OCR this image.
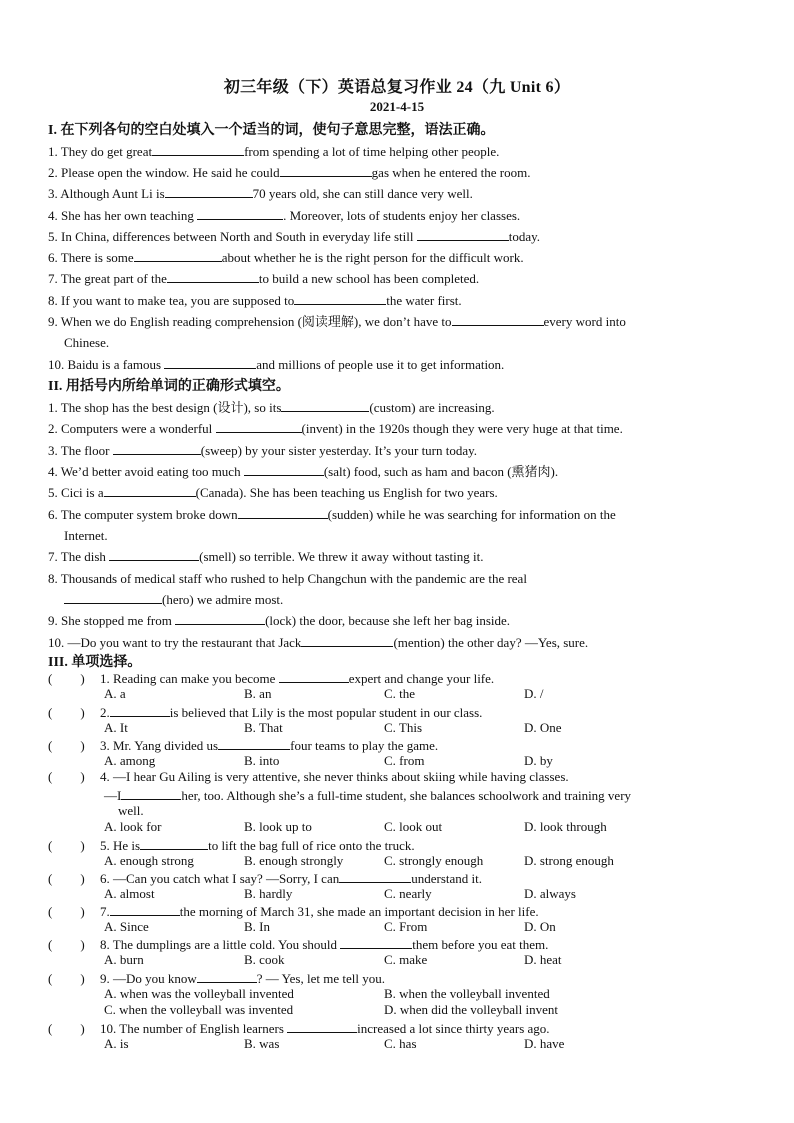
初三年级（下）英语总复习作业 24（九 Unit 6）
2021-4-15
I. 在下列各句的空白处填入一个适当的词，使句子意思完整，语法正确。
1. They do get great	from spending a lot of time helping other people.
2. Please open the window. He said he could	gas when he entered the room.
3. Although Aunt Li is	70 years old, she can still dance very well.
4. She has her own teaching	. Moreover, lots of students enjoy her classes.
5. In China, differences between North and South in everyday life still	today.
6. There is some	about whether he is the right person for the difficult work.
7. The great part of the	to build a new school has been completed.
8. If you want to make tea, you are supposed to	the water first.
9. When we do English reading comprehension (阅读理解), we don’t have to	every word into
Chinese.
10. Baidu is a famous	and millions of people use it to get information.
II. 用括号内所给单词的正确形式填空。
1. The shop has the best design (设计), so its	(custom) are increasing.
2. Computers were a wonderful	(invent) in the 1920s though they were very huge at that time.
3. The floor	(sweep) by your sister yesterday. It’s your turn today.
4. We’d better avoid eating too much	(salt) food, such as ham and bacon (熏猪肉).
5. Cici is a	(Canada). She has been teaching us English for two years.
6. The computer system broke down	(sudden) while he was searching for information on the
Internet.
7. The dish	(smell) so terrible. We threw it away without tasting it.
8. Thousands of medical staff who rushed to help Changchun with the pandemic are the real
(hero) we admire most.
9. She stopped me from	(lock) the door, because she left her bag inside.
10. —Do you want to try the restaurant that Jack	(mention) the other day? —Yes, sure.
III. 单项选择。
( ) 1. Reading can make you become	expert and change your life.
A. a	B. an	C. the	D. /
( ) 2.	is believed that Lily is the most popular student in our class.
A. It	B. That	C. This	D. One
( ) 3. Mr. Yang divided us	four teams to play the game.
A. among	B. into	C. from	D. by
( ) 4. —I hear Gu Ailing is very attentive, she never thinks about skiing while having classes.
—I	her, too. Although she’s a full-time student, she balances schoolwork and training very
well.
A. look for	B. look up to	C. look out	D. look through
( ) 5. He is	to lift the bag full of rice onto the truck.
A. enough strong	B. enough strongly	C. strongly enough	D. strong enough
( ) 6. —Can you catch what I say? —Sorry, I can	understand it.
A. almost	B. hardly	C. nearly	D. always
( ) 7.	the morning of March 31, she made an important decision in her life.
A. Since	B. In	C. From	D. On
( ) 8. The dumplings are a little cold. You should	them before you eat them.
A. burn	B. cook	C. make	D. heat
( ) 9. —Do you know	? — Yes, let me tell you.
A. when was the volleyball invented	B. when the volleyball invented
C. when the volleyball was invented	D. when did the volleyball invent
( ) 10. The number of English learners	increased a lot since thirty years ago.
A. is	B. was	C. has	D. have
